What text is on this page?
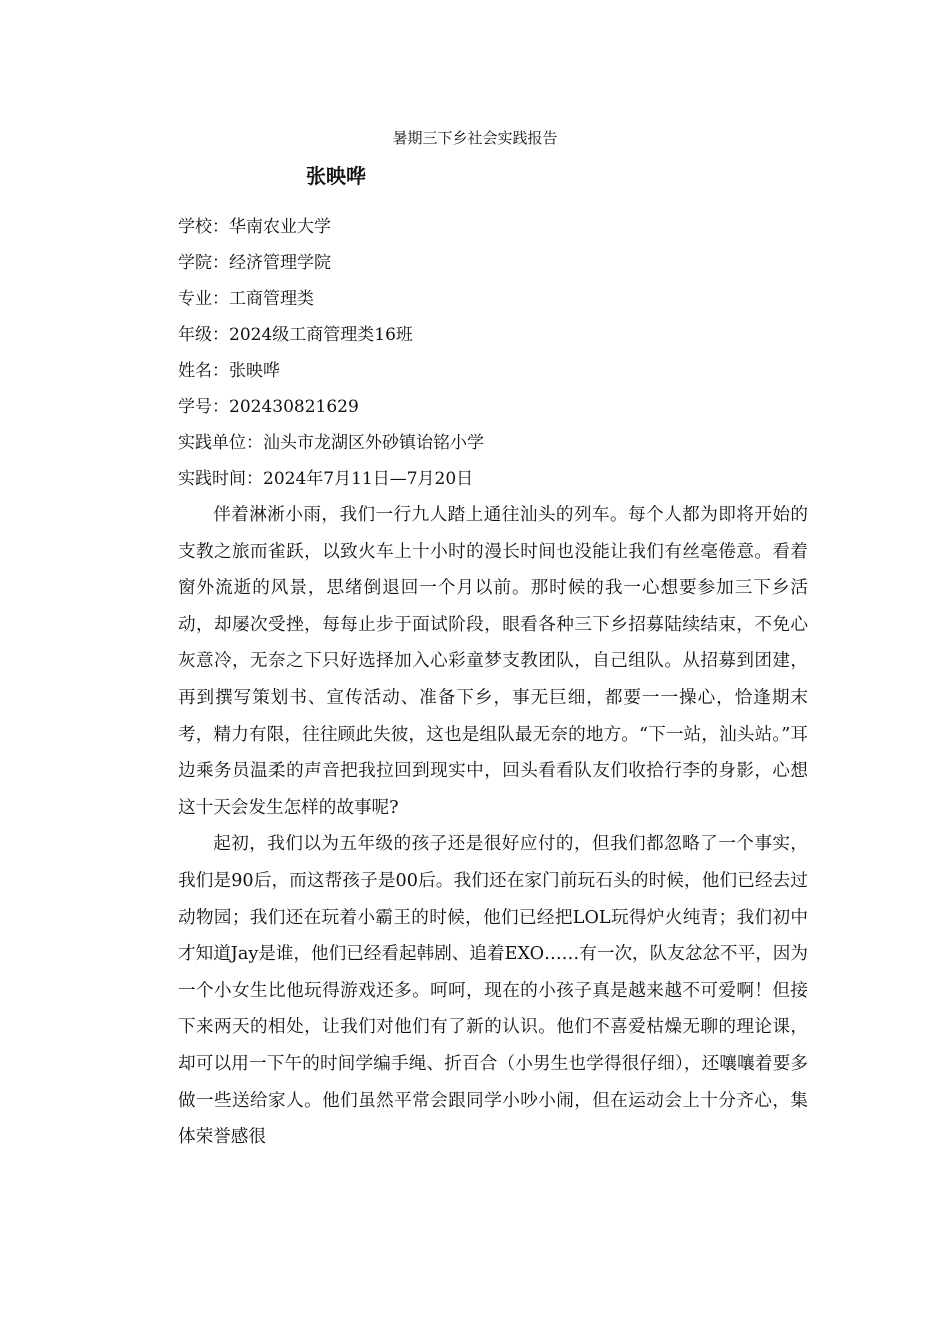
暑期三下乡社会实践报告
张映哗
学校：华南农业大学
学院：经济管理学院
专业：工商管理类
年级：2024级工商管理类16班
姓名：张映哗
学号：202430821629
实践单位：汕头市龙湖区外砂镇诒铭小学
实践时间：2024年7月11日—7月20日

伴着淋淅小雨，我们一行九人踏上通往汕头的列车。每个人都为即将开始的支教之旅而雀跃，以致火车上十小时的漫长时间也没能让我们有丝毫倦意。看着窗外流逝的风景，思绪倒退回一个月以前。那时候的我一心想要参加三下乡活动，却屡次受挫，每每止步于面试阶段，眼看各种三下乡招募陆续结束，不免心灰意冷，无奈之下只好选择加入心彩童梦支教团队，自己组队。从招募到团建，再到撰写策划书、宣传活动、准备下乡，事无巨细，都要一一操心，恰逢期末考，精力有限，往往顾此失彼，这也是组队最无奈的地方。“下一站，汕头站。”耳边乘务员温柔的声音把我拉回到现实中，回头看看队友们收拾行李的身影，心想这十天会发生怎样的故事呢?

起初，我们以为五年级的孩子还是很好应付的，但我们都忽略了一个事实，我们是90后，而这帮孩子是00后。我们还在家门前玩石头的时候，他们已经去过动物园；我们还在玩着小霸王的时候，他们已经把LOL玩得炉火纯青；我们初中才知道Jay是谁，他们已经看起韩剧、追着EXO……有一次，队友忿忿不平，因为一个小女生比他玩得游戏还多。呵呵，现在的小孩子真是越来越不可爱啊！但接下来两天的相处，让我们对他们有了新的认识。他们不喜爱枯燥无聊的理论课，却可以用一下午的时间学编手绳、折百合（小男生也学得很仔细），还嚷嚷着要多做一些送给家人。他们虽然平常会跟同学小吵小闹，但在运动会上十分齐心，集体荣誉感很
